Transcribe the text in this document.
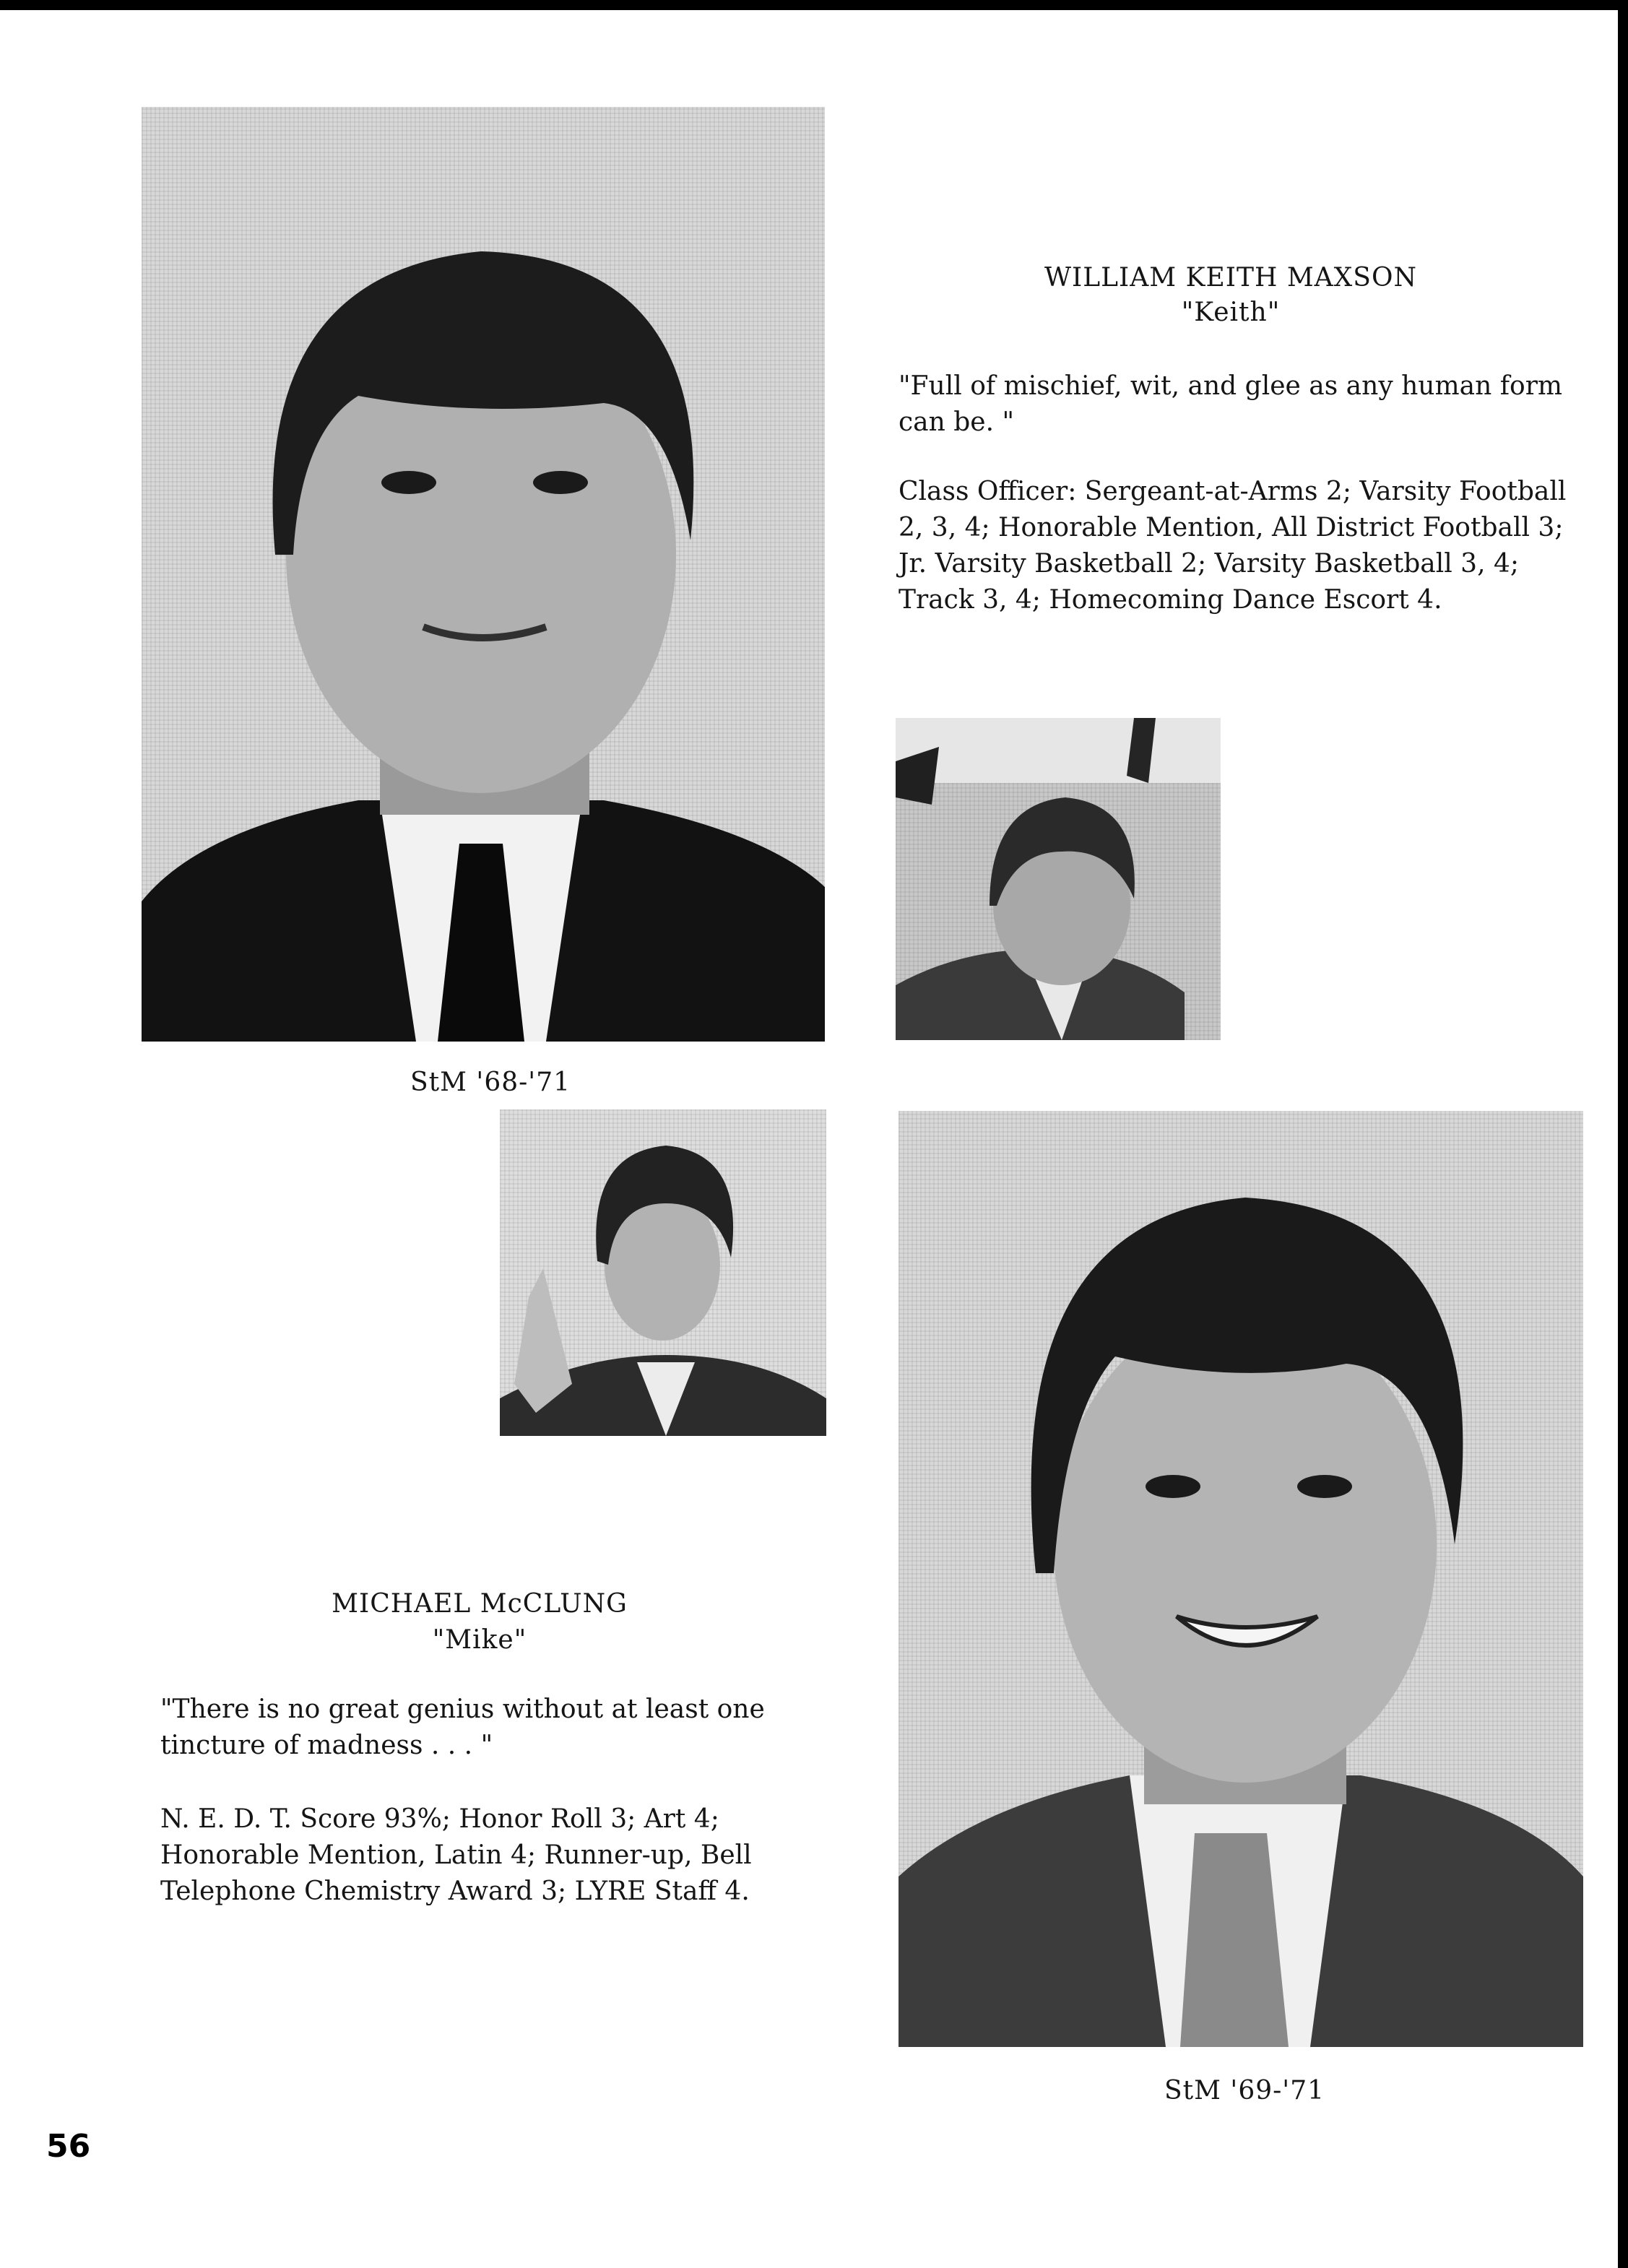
WILLIAM KEITH MAXSON
"Keith"

"Full of mischief, wit, and glee as any human form can be. "

Class Officer: Sergeant-at-Arms 2; Varsity Football 2, 3, 4; Honorable Mention, All District Football 3; Jr. Varsity Basketball 2; Varsity Basketball 3, 4; Track 3, 4; Homecoming Dance Escort 4.

StM '68-'71
MICHAEL McCLUNG
"Mike"

"There is no great genius without at least one tincture of madness . . . "

N. E. D. T. Score 93%; Honor Roll 3; Art 4; Honorable Mention, Latin 4; Runner-up, Bell Telephone Chemistry Award 3; LYRE Staff 4.

StM '69-'71
56
